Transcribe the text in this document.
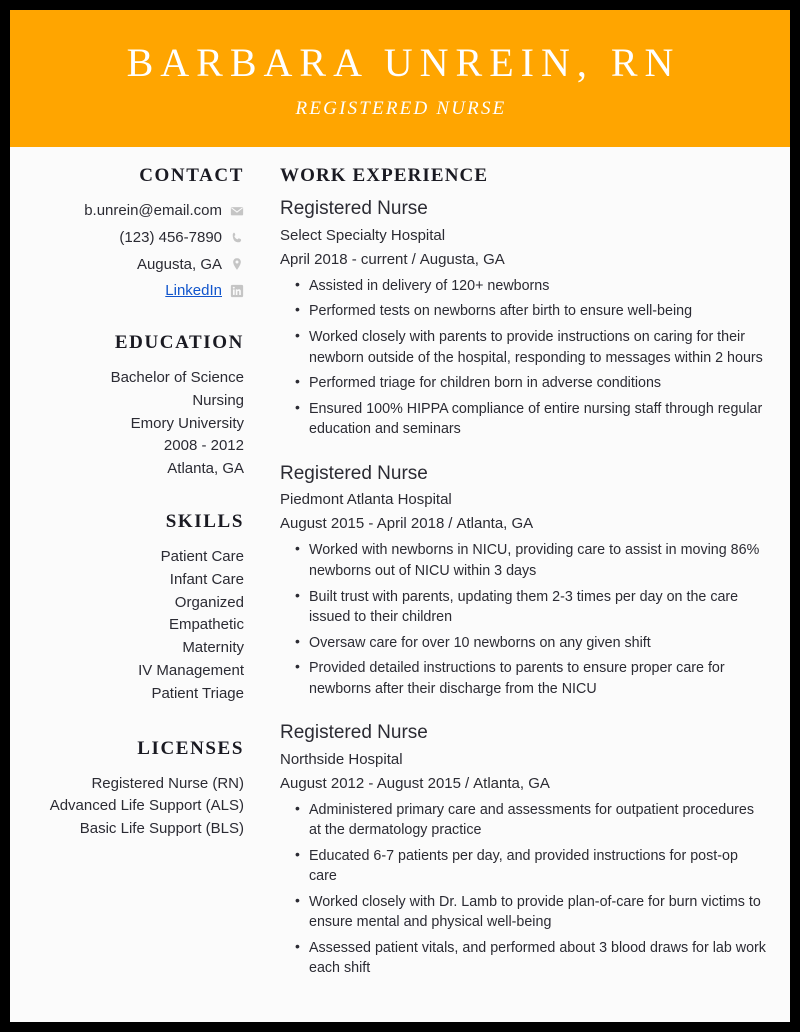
BARBARA UNREIN, RN
REGISTERED NURSE
CONTACT
b.unrein@email.com
(123) 456-7890
Augusta, GA
LinkedIn
EDUCATION
Bachelor of Science
Nursing
Emory University
2008 - 2012
Atlanta, GA
SKILLS
Patient Care
Infant Care
Organized
Empathetic
Maternity
IV Management
Patient Triage
LICENSES
Registered Nurse (RN)
Advanced Life Support (ALS)
Basic Life Support (BLS)
WORK EXPERIENCE
Registered Nurse
Select Specialty Hospital
April 2018 - current / Augusta, GA
• Assisted in delivery of 120+ newborns
• Performed tests on newborns after birth to ensure well-being
• Worked closely with parents to provide instructions on caring for their newborn outside of the hospital, responding to messages within 2 hours
• Performed triage for children born in adverse conditions
• Ensured 100% HIPPA compliance of entire nursing staff through regular education and seminars
Registered Nurse
Piedmont Atlanta Hospital
August 2015 - April 2018 / Atlanta, GA
• Worked with newborns in NICU, providing care to assist in moving 86% newborns out of NICU within 3 days
• Built trust with parents, updating them 2-3 times per day on the care issued to their children
• Oversaw care for over 10 newborns on any given shift
• Provided detailed instructions to parents to ensure proper care for newborns after their discharge from the NICU
Registered Nurse
Northside Hospital
August 2012 - August 2015 / Atlanta, GA
• Administered primary care and assessments for outpatient procedures at the dermatology practice
• Educated 6-7 patients per day, and provided instructions for post-op care
• Worked closely with Dr. Lamb to provide plan-of-care for burn victims to ensure mental and physical well-being
• Assessed patient vitals, and performed about 3 blood draws for lab work each shift
